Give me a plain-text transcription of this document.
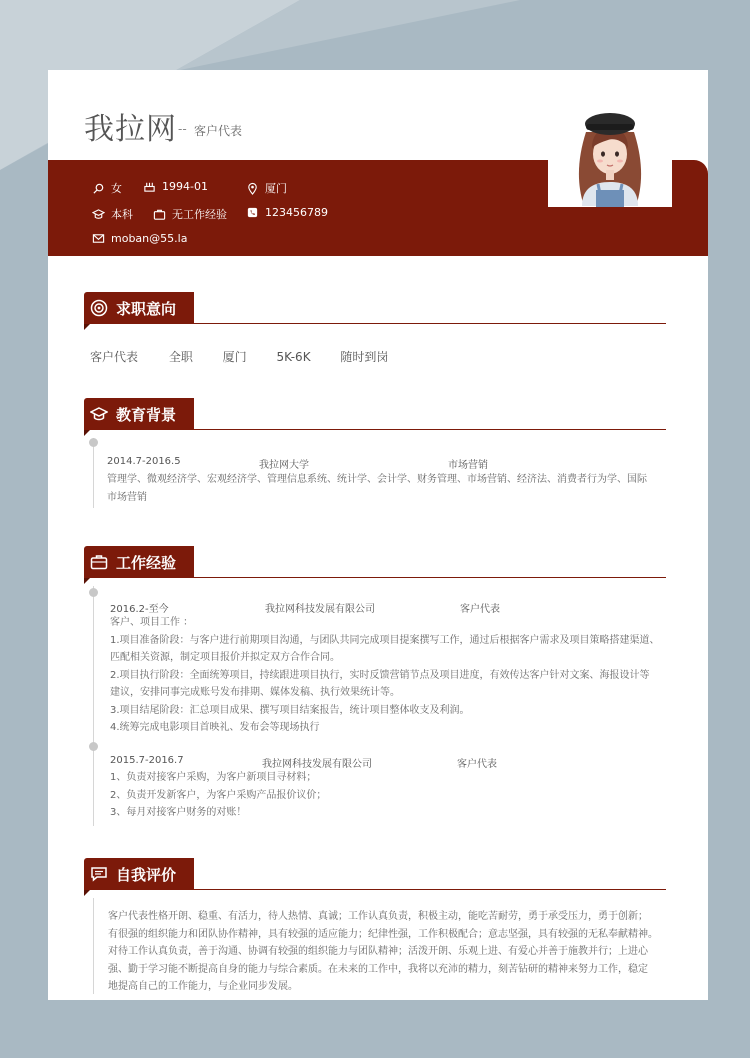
我拉网 -- 客户代表
女	1994-01	厦门
本科	无工作经验	123456789
moban@55.la
求职意向
客户代表	全职 厦门 5K-6K 随时到岗
教育背景
2014.7-2016.5	我拉网大学	市场营销
管理学、微观经济学、宏观经济学、管理信息系统、统计学、会计学、财务管理、市场营销、经济法、消费者行为学、国际
市场营销
工作经验
2016.2-至今	我拉网科技发展有限公司	客户代表
客户、项目工作 ：
1.项目准备阶段：与客户进行前期项目沟通，与团队共同完成项目提案撰写工作，通过后根据客户需求及项目策略搭建渠道、
匹配相关资源，制定项目报价并拟定双方合作合同。
2.项目执行阶段：全面统筹项目，持续跟进项目执行，实时反馈营销节点及项目进度，有效传达客户针对文案、海报设计等
建议，安排同事完成账号发布排期、媒体发稿、执行效果统计等。
3.项目结尾阶段：汇总项目成果、撰写项目结案报告，统计项目整体收支及利润。
4.统筹完成电影项目首映礼、发布会等现场执行
2015.7-2016.7	我拉网科技发展有限公司	客户代表
1、负责对接客户采购，为客户新项目寻材料；
2、负责开发新客户，为客户采购产品报价议价；
3、每月对接客户财务的对账！
自我评价
客户代表性格开朗、稳重、有活力，待人热情、真诚；工作认真负责，积极主动，能吃苦耐劳，勇于承受压力，勇于创新；
有很强的组织能力和团队协作精神，具有较强的适应能力；纪律性强，工作积极配合；意志坚强，具有较强的无私奉献精神。
对待工作认真负责，善于沟通、协调有较强的组织能力与团队精神；活泼开朗、乐观上进、有爱心并善于施教并行；上进心
强、勤于学习能不断提高自身的能力与综合素质。在未来的工作中，我将以充沛的精力，刻苦钻研的精神来努力工作，稳定
地提高自己的工作能力，与企业同步发展。
